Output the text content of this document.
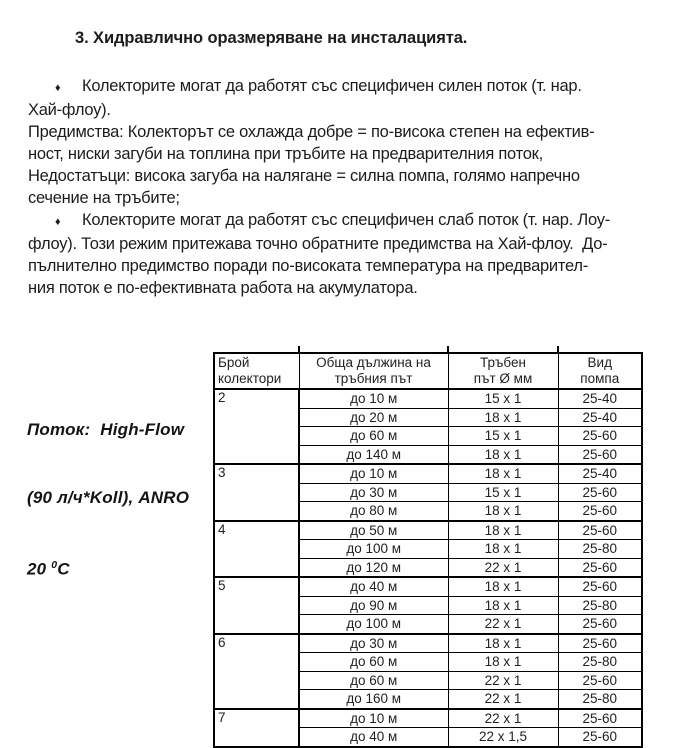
3. Хидравлично оразмеряване на инсталацията.
♦ Колекторите могат да работят със специфичен силен поток (т. нар.
Хай-флоу).
Предимства: Колекторът се охлажда добре = по-висока степен на ефектив-
ност, ниски загуби на топлина при тръбите на предварителния поток,
Недостатъци: висока загуба на налягане = силна помпа, голямо напречно
сечение на тръбите;
♦ Колекторите могат да работят със специфичен слаб поток (т. нар. Лоу-
флоу). Този режим притежава точно обратните предимства на Хай-флоу.  До-
пълнително предимство поради по-високата температура на предварител-
ния поток е по-ефективната работа на акумулатора.

Поток:  High-Flow

(90 л/ч*Koll), ANRO

20 $^0$C

Брой
колектори	Обща дължина на
тръбния път	Тръбен
път Ø мм	Вид
помпа
2	до 10 м	15 x 1	25-40
	до 20 м	18 x 1	25-40
	до 60 м	15 x 1	25-60
	до 140 м	18 x 1	25-60
3	до 10 м	18 x 1	25-40
	до 30 м	15 x 1	25-60
	до 80 м	18 x 1	25-60
4	до 50 м	18 x 1	25-60
	до 100 м	18 x 1	25-80
	до 120 м	22 x 1	25-60
5	до 40 м	18 x 1	25-60
	до 90 м	18 x 1	25-80
	до 100 м	22 x 1	25-60
6	до 30 м	18 x 1	25-60
	до 60 м	18 x 1	25-80
	до 60 м	22 x 1	25-60
	до 160 м	22 x 1	25-80
7	до 10 м	22 x 1	25-60
	до 40 м	22 x 1,5	25-60
